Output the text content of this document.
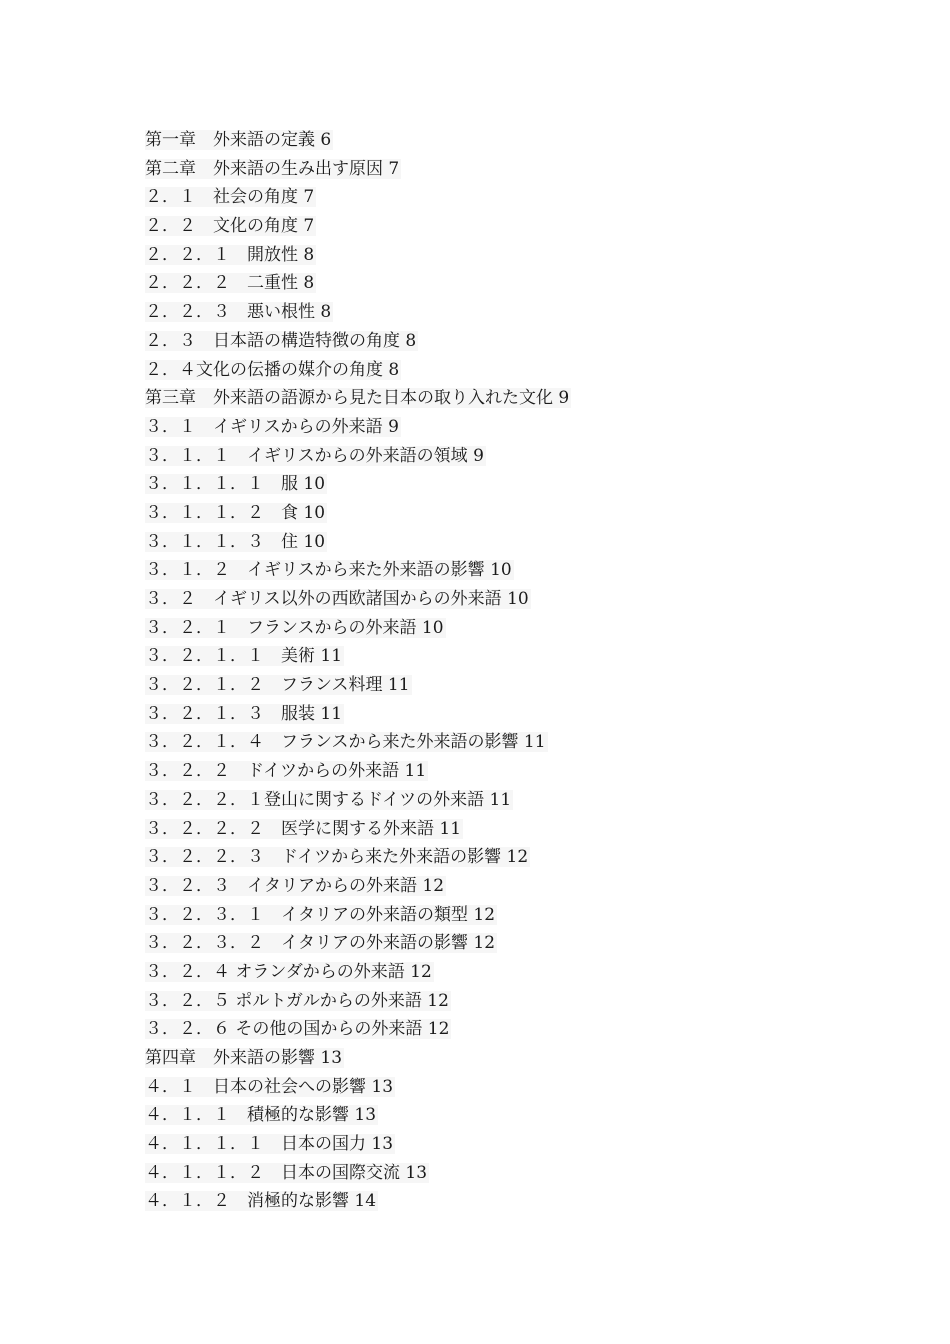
第一章　外来語の定義 6
第二章　外来語の生み出す原因 7
２．１　社会の角度 7
２．２　文化の角度 7
２．２．１　開放性 8
２．２．２　二重性 8
２．２．３　悪い根性 8
２．３　日本語の構造特徴の角度 8
２．４文化の伝播の媒介の角度 8
第三章　外来語の語源から見た日本の取り入れた文化 9
３．１　イギリスからの外来語 9
３．１．１　イギリスからの外来語の領域 9
３．１．１．１　服 10
３．１．１．２　食 10
３．１．１．３　住 10
３．１．２　イギリスから来た外来語の影響 10
３．２　イギリス以外の西欧諸国からの外来語 10
３．２．１　フランスからの外来語 10
３．２．１．１　美術 11
３．２．１．２　フランス料理 11
３．２．１．３　服装 11
３．２．１．４　フランスから来た外来語の影響 11
３．２．２　ドイツからの外来語 11
３．２．２．１登山に関するドイツの外来語 11
３．２．２．２　医学に関する外来語 11
３．２．２．３　ドイツから来た外来語の影響 12
３．２．３　イタリアからの外来語 12
３．２．３．１　イタリアの外来語の類型 12
３．２．３．２　イタリアの外来語の影響 12
３．２．４ オランダからの外来語 12
３．２．５ ポルトガルからの外来語 12
３．２．６ その他の国からの外来語 12
第四章　外来語の影響 13
４．１　日本の社会への影響 13
４．１．１　積極的な影響 13
４．１．１．１　日本の国力 13
４．１．１．２　日本の国際交流 13
４．１．２　消極的な影響 14
